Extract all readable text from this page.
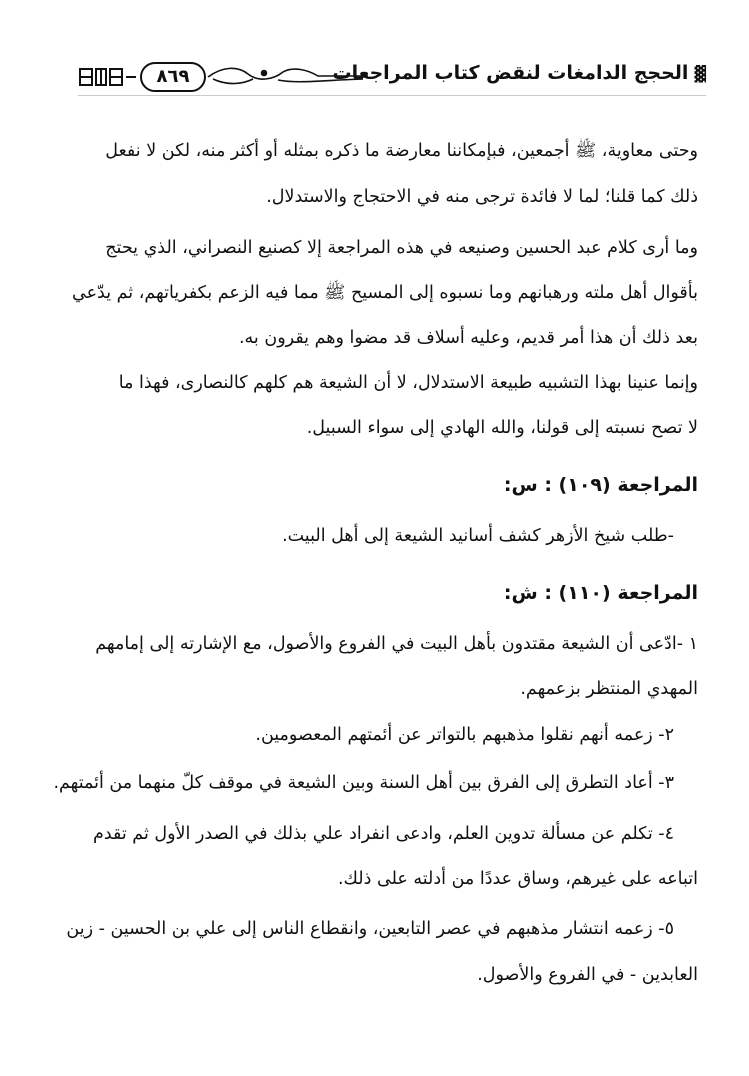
٨٦٩	▓الحجج الدامغات لنقض كتاب المراجعات
وحتى معاوية، ﷺ أجمعين، فبإمكاننا معارضة ما ذكره بمثله أو أكثر منه، لكن لا نفعل
ذلك كما قلنا؛ لما لا فائدة ترجى منه في الاحتجاج والاستدلال.
وما أرى كلام عبد الحسين وصنيعه في هذه المراجعة إلا كصنيع النصراني، الذي يحتج
بأقوال أهل ملته ورهبانهم وما نسبوه إلى المسيح ﷺ مما فيه الزعم بكفرياتهم، ثم يدّعي
بعد ذلك أن هذا أمر قديم، وعليه أسلاف قد مضوا وهم يقرون به.
وإنما عنينا بهذا التشبيه طبيعة الاستدلال، لا أن الشيعة هم كلهم كالنصارى، فهذا ما
لا تصح نسبته إلى قولنا، والله الهادي إلى سواء السبيل.
المراجعة (١٠٩) : س:
-طلب شيخ الأزهر كشف أسانيد الشيعة إلى أهل البيت.
المراجعة (١١٠) : ش:
١ -ادّعى أن الشيعة مقتدون بأهل البيت في الفروع والأصول، مع الإشارته إلى إمامهم
المهدي المنتظر بزعمهم.
٢- زعمه أنهم نقلوا مذهبهم بالتواتر عن أئمتهم المعصومين.
٣- أعاد التطرق إلى الفرق بين أهل السنة وبين الشيعة في موقف كلّ منهما من أئمتهم.
٤- تكلم عن مسألة تدوين العلم، وادعى انفراد علي بذلك في الصدر الأول ثم تقدم
اتباعه على غيرهم، وساق عددًا من أدلته على ذلك.
٥- زعمه انتشار مذهبهم في عصر التابعين، وانقطاع الناس إلى علي بن الحسين - زين
العابدين - في الفروع والأصول.
